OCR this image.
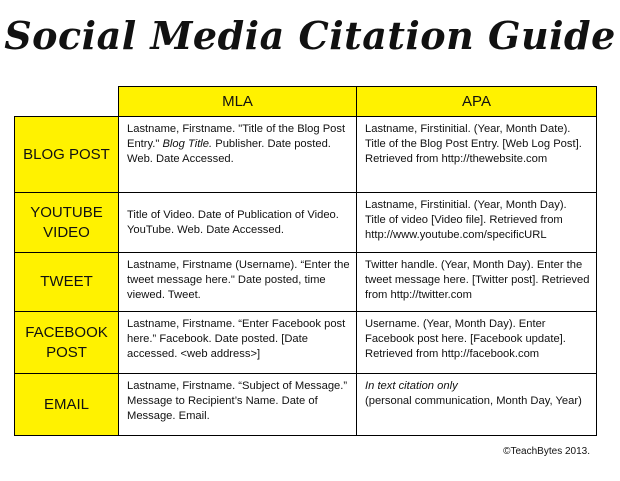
Social Media Citation Guide
	MLA	APA
BLOG POST	Lastname, Firstname. "Title of the Blog Post Entry." Blog Title. Publisher. Date posted. Web. Date Accessed.	Lastname, Firstinitial. (Year, Month Date). Title of the Blog Post Entry. [Web Log Post]. Retrieved from http://thewebsite.com
YOUTUBE VIDEO	Title of Video. Date of Publication of Video. YouTube. Web. Date Accessed.	Lastname, Firstinitial. (Year, Month Day). Title of video [Video file]. Retrieved from http://www.youtube.com/specificURL
TWEET	Lastname, Firstname (Username). “Enter the tweet message here." Date posted, time viewed. Tweet.	Twitter handle. (Year, Month Day). Enter the tweet message here. [Twitter post]. Retrieved from http://twitter.com
FACEBOOK POST	Lastname, Firstname. “Enter Facebook post here.” Facebook. Date posted. [Date accessed. <web address>]	Username. (Year, Month Day). Enter Facebook post here. [Facebook update]. Retrieved from http://facebook.com
EMAIL	Lastname, Firstname. “Subject of Message.” Message to Recipient’s Name. Date of Message. Email.	In text citation only
(personal communication, Month Day, Year)
©TeachBytes 2013.
